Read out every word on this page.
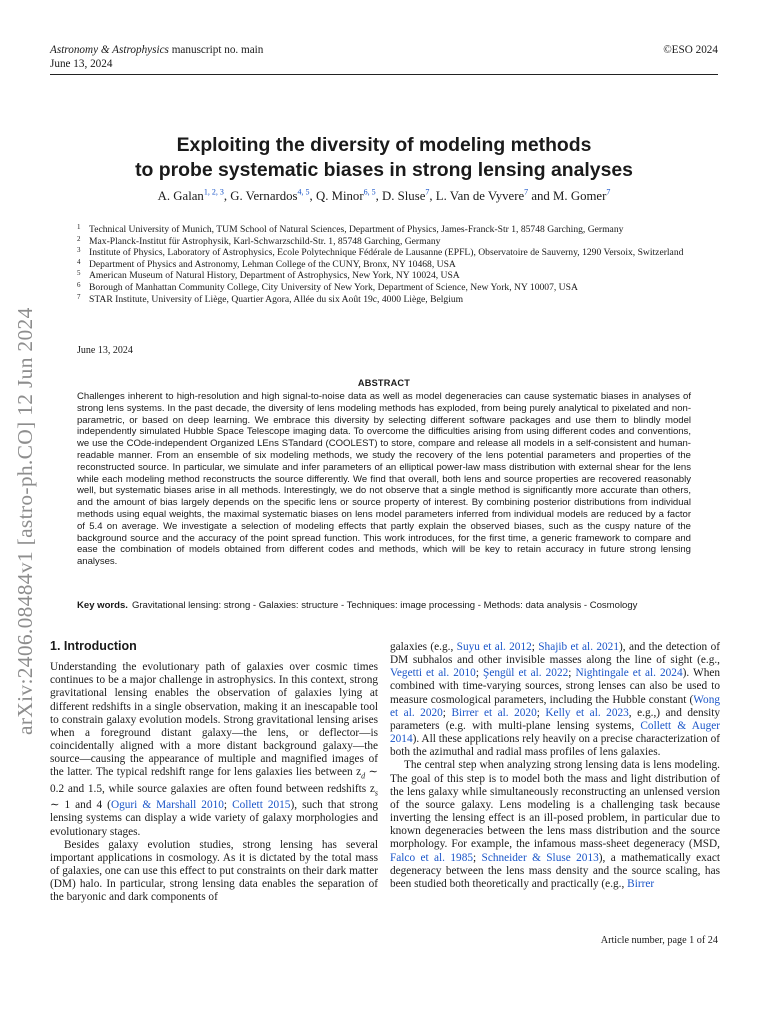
Astronomy & Astrophysics manuscript no. main
June 13, 2024
©ESO 2024
arXiv:2406.08484v1 [astro-ph.CO] 12 Jun 2024
Exploiting the diversity of modeling methods
to probe systematic biases in strong lensing analyses
A. Galan$^{1, 2, 3}$, G. Vernardos$^{4, 5}$, Q. Minor$^{6, 5}$, D. Sluse$^7$, L. Van de Vyvere$^7$ and M. Gomer$^7$
1 Technical University of Munich, TUM School of Natural Sciences, Department of Physics, James-Franck-Str 1, 85748 Garching, Germany
2 Max-Planck-Institut für Astrophysik, Karl-Schwarzschild-Str. 1, 85748 Garching, Germany
3 Institute of Physics, Laboratory of Astrophysics, Ecole Polytechnique Fédérale de Lausanne (EPFL), Observatoire de Sauverny, 1290 Versoix, Switzerland
4 Department of Physics and Astronomy, Lehman College of the CUNY, Bronx, NY 10468, USA
5 American Museum of Natural History, Department of Astrophysics, New York, NY 10024, USA
6 Borough of Manhattan Community College, City University of New York, Department of Science, New York, NY 10007, USA
7 STAR Institute, University of Liège, Quartier Agora, Allée du six Août 19c, 4000 Liège, Belgium
June 13, 2024
ABSTRACT
Challenges inherent to high-resolution and high signal-to-noise data as well as model degeneracies can cause systematic biases in analyses of strong lens systems. In the past decade, the diversity of lens modeling methods has exploded, from being purely analytical to pixelated and non-parametric, or based on deep learning. We embrace this diversity by selecting different software packages and use them to blindly model independently simulated Hubble Space Telescope imaging data. To overcome the difficulties arising from using different codes and conventions, we use the COde-independent Organized LEns STandard (COOLEST) to store, compare and release all models in a self-consistent and human-readable manner. From an ensemble of six modeling methods, we study the recovery of the lens potential parameters and properties of the reconstructed source. In particular, we simulate and infer parameters of an elliptical power-law mass distribution with external shear for the lens while each modeling method reconstructs the source differently. We find that overall, both lens and source properties are recovered reasonably well, but systematic biases arise in all methods. Interestingly, we do not observe that a single method is significantly more accurate than others, and the amount of bias largely depends on the specific lens or source property of interest. By combining posterior distributions from individual methods using equal weights, the maximal systematic biases on lens model parameters inferred from individual models are reduced by a factor of 5.4 on average. We investigate a selection of modeling effects that partly explain the observed biases, such as the cuspy nature of the background source and the accuracy of the point spread function. This work introduces, for the first time, a generic framework to compare and ease the combination of models obtained from different codes and methods, which will be key to retain accuracy in future strong lensing analyses.
Key words. Gravitational lensing: strong - Galaxies: structure - Techniques: image processing - Methods: data analysis - Cosmology
1. Introduction

Understanding the evolutionary path of galaxies over cosmic times continues to be a major challenge in astrophysics. In this context, strong gravitational lensing enables the observation of galaxies lying at different redshifts in a single observation, making it an inescapable tool to constrain galaxy evolution models. Strong gravitational lensing arises when a foreground distant galaxy—the lens, or deflector—is coincidentally aligned with a more distant background galaxy—the source—causing the appearance of multiple and magnified images of the latter. The typical redshift range for lens galaxies lies between $z_d$ ∼ 0.2 and 1.5, while source galaxies are often found between redshifts $z_s$ ∼ 1 and 4 (Oguri & Marshall 2010; Collett 2015), such that strong lensing systems can display a wide variety of galaxy morphologies and evolutionary stages.

Besides galaxy evolution studies, strong lensing has several important applications in cosmology. As it is dictated by the total mass of galaxies, one can use this effect to put constraints on their dark matter (DM) halo. In particular, strong lensing data enables the separation of the baryonic and dark components of

galaxies (e.g., Suyu et al. 2012; Shajib et al. 2021), and the detection of DM subhalos and other invisible masses along the line of sight (e.g., Vegetti et al. 2010; Şengül et al. 2022; Nightingale et al. 2024). When combined with time-varying sources, strong lenses can also be used to measure cosmological parameters, including the Hubble constant (Wong et al. 2020; Birrer et al. 2020; Kelly et al. 2023, e.g.,) and density parameters (e.g. with multi-plane lensing systems, Collett & Auger 2014). All these applications rely heavily on a precise characterization of both the azimuthal and radial mass profiles of lens galaxies.

The central step when analyzing strong lensing data is lens modeling. The goal of this step is to model both the mass and light distribution of the lens galaxy while simultaneously reconstructing an unlensed version of the source galaxy. Lens modeling is a challenging task because inverting the lensing effect is an ill-posed problem, in particular due to known degeneracies between the lens mass distribution and the source morphology. For example, the infamous mass-sheet degeneracy (MSD, Falco et al. 1985; Schneider & Sluse 2013), a mathematically exact degeneracy between the lens mass density and the source scaling, has been studied both theoretically and practically (e.g., Birrer

Article number, page 1 of 24
